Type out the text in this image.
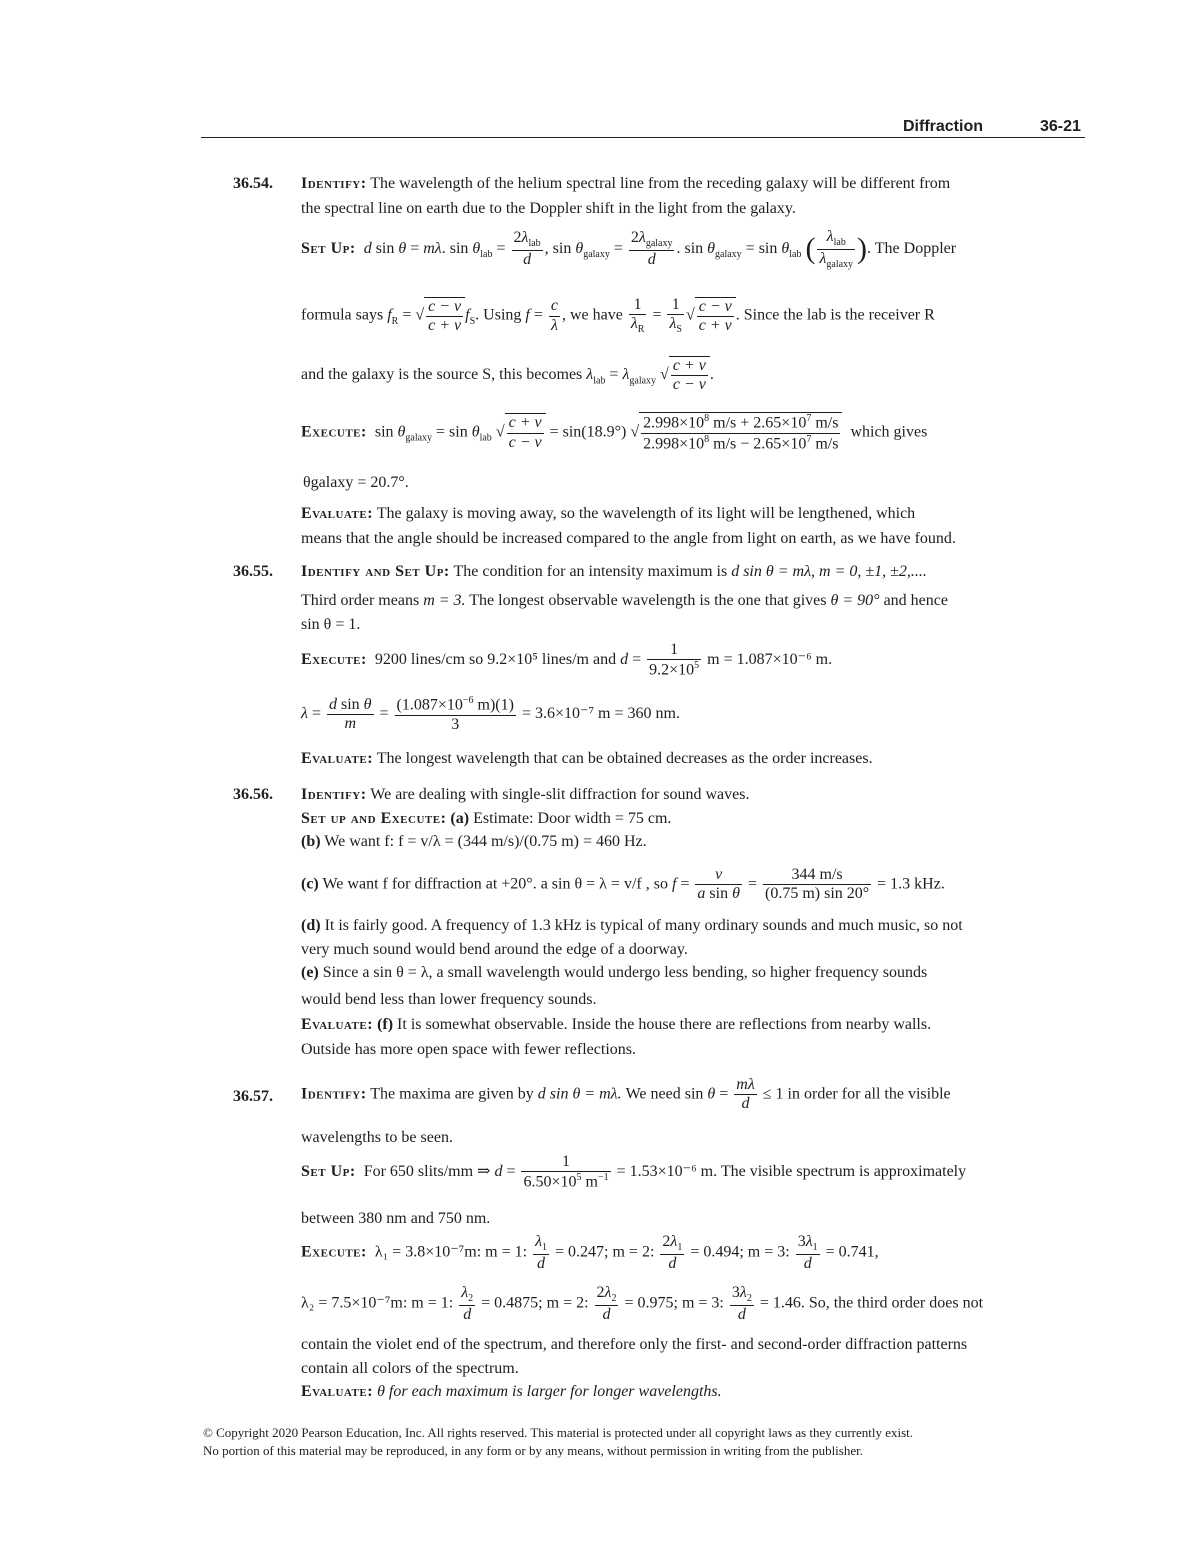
Diffraction	36-21
36.54. Identify: The wavelength of the helium spectral line from the receding galaxy will be different from
the spectral line on earth due to the Doppler shift in the light from the galaxy.
Set Up: d sin θ = mλ. $\sin \theta_{lab} = \frac{2\lambda_{lab}}{d}$ , $\sin \theta_{galaxy} = \frac{2\lambda_{galaxy}}{d}$ . $\sin \theta_{galaxy} = \sin \theta_{lab}$ ( $\frac{\lambda_{lab}}{\lambda_{galaxy}}$ ). The Doppler
formula says $f_R$ = √ $\frac{c - v}{c + v} f_S$. Using $f = \frac{c}{\lambda}$ , we have $\frac{1}{\lambda_R} = \frac{1}{\lambda_S}$ √ $\frac{c - v}{c + v}$ . Since the lab is the receiver R
and the galaxy is the source S, this becomes $\lambda_{lab} = \lambda_{galaxy}$ √ $\frac{c + v}{c - v}$ .
Execute:  $\sin \theta_{galaxy} = \sin \theta_{lab}$ √ $\frac{c + v}{c - v} = \sin(18.9^\circ)$ √ $\frac{2.998\times 10^8 m/s + 2.65\times 10^7 m/s}{2.998\times 10^8 m/s - 2.65\times 10^7 m/s}$ which gives
θgalaxy = 20.7°.
Evaluate: The galaxy is moving away, so the wavelength of its light will be lengthened, which
means that the angle should be increased compared to the angle from light on earth, as we have found.
36.55. Identify and Set Up: The condition for an intensity maximum is d sin θ = mλ, m = 0, ±1, ±2,....
Third order means m = 3. The longest observable wavelength is the one that gives θ = 90° and hence
sin θ = 1.
Execute: 9200 lines/cm so 9.2×10⁵ lines/m and $d = \frac{1}{9.2\times 10^5}$ m = 1.087×10⁻⁶ m.
$\lambda = \frac{\text{d sin θ}}{m} = \frac{(1.087\times 10^{-6} m)(1)}{3} = 3.6\times 10^{-7}$ m = 360 nm.
Evaluate: The longest wavelength that can be obtained decreases as the order increases.
36.56. Identify: We are dealing with single-slit diffraction for sound waves.
Set up and Execute: (a) Estimate: Door width = 75 cm.
(b) We want f: f = v/λ = (344 m/s)/(0.75 m) = 460 Hz.
(c) We want f for diffraction at +20°. a sin θ = λ = v/f , so $f = \frac{v}{\text{a sin θ}} = \frac{344 m/s}{(0.75 m) \sin 20^\circ} = 1.3$ kHz.
(d) It is fairly good. A frequency of 1.3 kHz is typical of many ordinary sounds and much music, so not
very much sound would bend around the edge of a doorway.
(e) Since a sin θ = λ, a small wavelength would undergo less bending, so higher frequency sounds
would bend less than lower frequency sounds.
Evaluate: (f) It is somewhat observable. Inside the house there are reflections from nearby walls.
Outside has more open space with fewer reflections.
36.57. Identify: The maxima are given by d sin θ = mλ. We need $\sin \theta = \frac{m\lambda}{d} \le 1$ in order for all the visible
wavelengths to be seen.
Set Up: For 650 slits/mm ⇒ $d = \frac{1}{6.50\times 10^5 m^{-1}} = 1.53\times 10^{-6}$ m. The visible spectrum is approximately
between 380 nm and 750 nm.
Execute: λ₁ = 3.8×10⁻⁷m: m = 1: $\frac{\lambda_1}{d} = 0.247$; m = 2: $\frac{2\lambda_1}{d} = 0.494$; m = 3: $\frac{3\lambda_1}{d} = 0.741$,
λ₂ = 7.5×10⁻⁷m: m = 1: $\frac{\lambda_2}{d} = 0.4875$; m = 2: $\frac{2\lambda_2}{d} = 0.975$; m = 3: $\frac{3\lambda_2}{d} = 1.46$. So, the third order does not
contain the violet end of the spectrum, and therefore only the first- and second-order diffraction patterns
contain all colors of the spectrum.
Evaluate: θ for each maximum is larger for longer wavelengths.
© Copyright 2020 Pearson Education, Inc. All rights reserved. This material is protected under all copyright laws as they currently exist.
No portion of this material may be reproduced, in any form or by any means, without permission in writing from the publisher.
